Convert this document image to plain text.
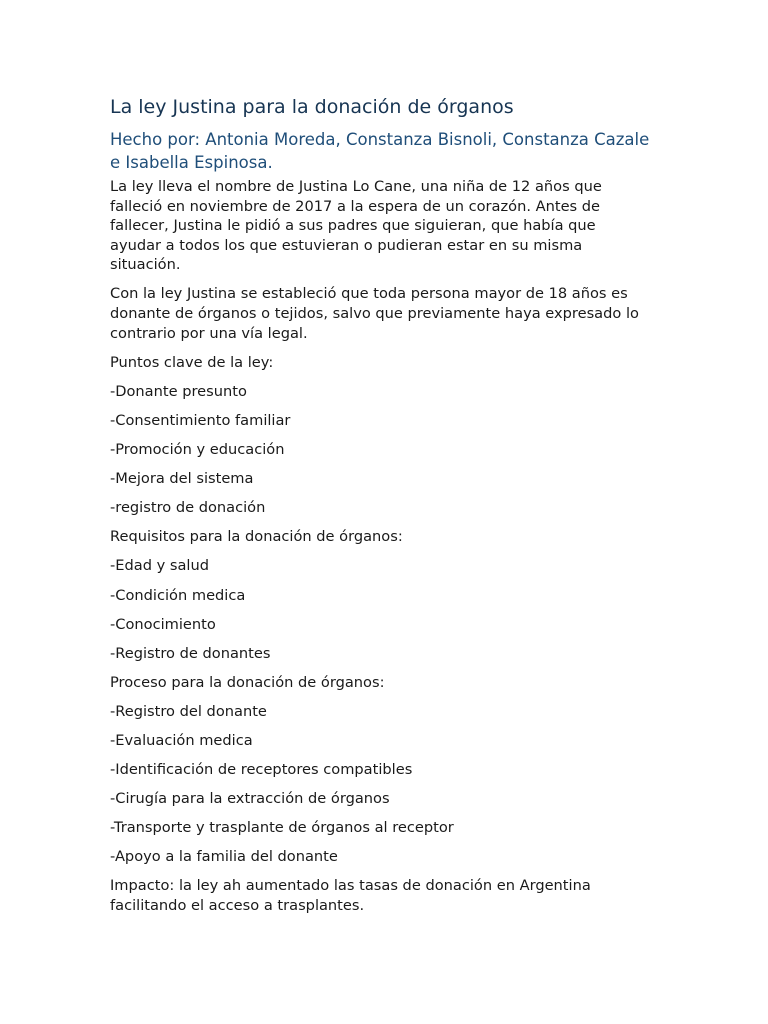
La ley Justina para la donación de órganos
Hecho por: Antonia Moreda, Constanza Bisnoli, Constanza Cazale e Isabella Espinosa.

La ley lleva el nombre de Justina Lo Cane, una niña de 12 años que falleció en noviembre de 2017 a la espera de un corazón. Antes de fallecer, Justina le pidió a sus padres que siguieran, que había que ayudar a todos los que estuvieran o pudieran estar en su misma situación.

Con la ley Justina se estableció que toda persona mayor de 18 años es donante de órganos o tejidos, salvo que previamente haya expresado lo contrario por una vía legal.

Puntos clave de la ley:

-Donante presunto

-Consentimiento familiar

-Promoción y educación

-Mejora del sistema

-registro de donación

Requisitos para la donación de órganos:

-Edad y salud

-Condición medica

-Conocimiento

-Registro de donantes

Proceso para la donación de órganos:

-Registro del donante

-Evaluación medica

-Identificación de receptores compatibles

-Cirugía para la extracción de órganos

-Transporte y trasplante de órganos al receptor

-Apoyo a la familia del donante

Impacto: la ley ah aumentado las tasas de donación en Argentina facilitando el acceso a trasplantes.
